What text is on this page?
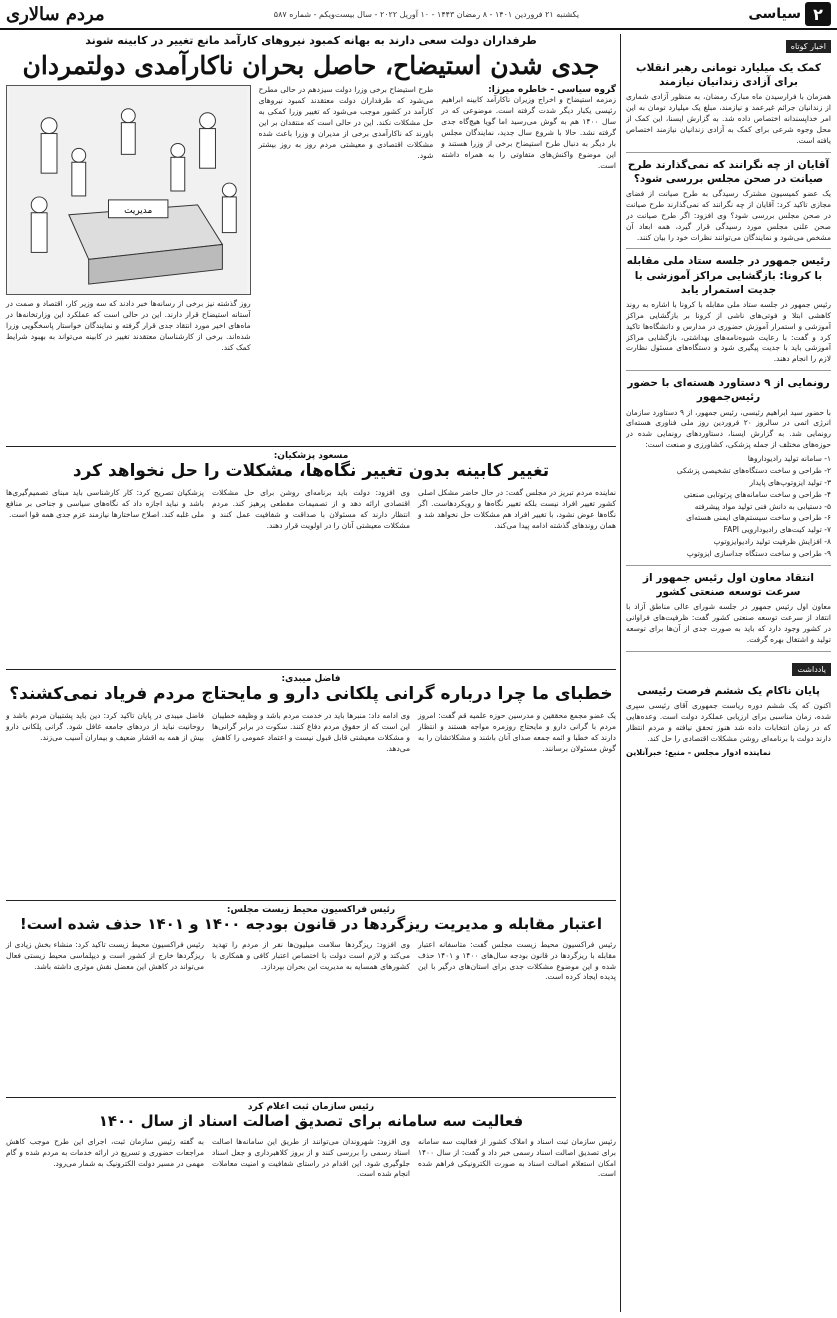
۲
سیاسی
یکشنبه ۲۱ فروردین ۱۴۰۱ - ۸ رمضان ۱۴۴۳ - ۱۰ آوریل ۲۰۲۲ - سال بیست‌ویکم - شماره ۵۸۷
مردم سالاری
اخبار کوتاه
کمک یک میلیارد تومانی رهبر انقلاب برای آزادی زندانیان نیازمند
همزمان با فرارسیدن ماه مبارک رمضان، به منظور آزادی شماری از زندانیان جرائم غیرعمد و نیازمند، مبلغ یک میلیارد تومان به این امر خداپسندانه اختصاص داده شد. به گزارش ایسنا، این کمک از محل وجوه شرعی برای کمک به آزادی زندانیان نیازمند اختصاص یافته است.
آقایان از چه نگرانند که نمی‌گذارند طرح صیانت در صحن مجلس بررسی شود؟
یک عضو کمیسیون مشترک رسیدگی به طرح صیانت از فضای مجازی تاکید کرد: آقایان از چه نگرانند که نمی‌گذارند طرح صیانت در صحن مجلس بررسی شود؟ وی افزود: اگر طرح صیانت در صحن علنی مجلس مورد رسیدگی قرار گیرد، همه ابعاد آن مشخص می‌شود و نمایندگان می‌توانند نظرات خود را بیان کنند.
رئیس جمهور در جلسه ستاد ملی مقابله با کرونا: بازگشایی مراکز آموزشی با جدیت استمرار یابد
رئیس جمهور در جلسه ستاد ملی مقابله با کرونا با اشاره به روند کاهشی ابتلا و فوتی‌های ناشی از کرونا بر بازگشایی مراکز آموزشی و استمرار آموزش حضوری در مدارس و دانشگاه‌ها تاکید کرد و گفت: با رعایت شیوه‌نامه‌های بهداشتی، بازگشایی مراکز آموزشی باید با جدیت پیگیری شود و دستگاه‌های مسئول نظارت لازم را انجام دهند.
رونمایی از ۹ دستاورد هسته‌ای با حضور رئیس‌جمهور

با حضور سید ابراهیم رئیسی، رئیس جمهور، از ۹ دستاورد سازمان انرژی اتمی در سالروز ۲۰ فروردین روز ملی فناوری هسته‌ای رونمایی شد. به گزارش ایسنا، دستاوردهای رونمایی شده در حوزه‌های مختلف از جمله پزشکی، کشاورزی و صنعت است:

۱- سامانه تولید رادیوداروها

۲- طراحی و ساخت دستگاه‌های تشخیصی پزشکی

۳- تولید ایزوتوپ‌های پایدار

۴- طراحی و ساخت سامانه‌های پرتوتابی صنعتی

۵- دستیابی به دانش فنی تولید مواد پیشرفته

۶- طراحی و ساخت سیستم‌های ایمنی هسته‌ای

۷- تولید کیت‌های رادیودارویی FAPI

۸- افزایش ظرفیت تولید رادیوایزوتوپ

۹- طراحی و ساخت دستگاه جداسازی ایزوتوپ

انتقاد معاون اول رئیس جمهور از سرعت توسعه صنعتی کشور
معاون اول رئیس جمهور در جلسه شورای عالی مناطق آزاد با انتقاد از سرعت توسعه صنعتی کشور گفت: ظرفیت‌های فراوانی در کشور وجود دارد که باید به صورت جدی از آن‌ها برای توسعه تولید و اشتغال بهره گرفت.
یادداشت
پایان ناکام یک ششم فرصت رئیسی
اکنون که یک ششم دوره ریاست جمهوری آقای رئیسی سپری شده، زمان مناسبی برای ارزیابی عملکرد دولت است. وعده‌هایی که در زمان انتخابات داده شد هنوز تحقق نیافته و مردم انتظار دارند دولت با برنامه‌ای روشن مشکلات اقتصادی را حل کند.
نماینده ادوار مجلس - منبع: خبرآنلاین
طرفداران دولت سعی دارند به بهانه کمبود نیروهای کارآمد مانع تغییر در کابینه شوند
جدی شدن استیضاح، حاصل بحران ناکارآمدی دولتمردان
گروه سیاسی - خاطره میرزا:
زمزمه استیضاح و اخراج وزیران ناکارآمد کابینه ابراهیم رئیسی یکبار دیگر شدت گرفته است. موضوعی که در سال ۱۴۰۰ هم به گوش می‌رسید اما گویا هیچ‌گاه جدی گرفته نشد. حالا با شروع سال جدید، نمایندگان مجلس بار دیگر به دنبال طرح استیضاح برخی از وزرا هستند و این موضوع واکنش‌های متفاوتی را به همراه داشته است.
طرح استیضاح برخی وزرا دولت سیزدهم در حالی مطرح می‌شود که طرفداران دولت معتقدند کمبود نیروهای کارآمد در کشور موجب می‌شود که تغییر وزرا کمکی به حل مشکلات نکند. این در حالی است که منتقدان بر این باورند که ناکارآمدی برخی از مدیران و وزرا باعث شده مشکلات اقتصادی و معیشتی مردم روز به روز بیشتر شود.
مدیریت
روز گذشته نیز برخی از رسانه‌ها خبر دادند که سه وزیر کار، اقتصاد و صمت در آستانه استیضاح قرار دارند. این در حالی است که عملکرد این وزارتخانه‌ها در ماه‌های اخیر مورد انتقاد جدی قرار گرفته و نمایندگان خواستار پاسخگویی وزرا شده‌اند. برخی از کارشناسان معتقدند تغییر در کابینه می‌تواند به بهبود شرایط کمک کند.
مسعود پزشکیان:
تغییر کابینه بدون تغییر نگاه‌ها، مشکلات را حل نخواهد کرد
نماینده مردم تبریز در مجلس گفت: در حال حاضر مشکل اصلی کشور تغییر افراد نیست بلکه تغییر نگاه‌ها و رویکردهاست. اگر نگاه‌ها عوض نشود، با تغییر افراد هم مشکلات حل نخواهد شد و همان روندهای گذشته ادامه پیدا می‌کند.
وی افزود: دولت باید برنامه‌ای روشن برای حل مشکلات اقتصادی ارائه دهد و از تصمیمات مقطعی پرهیز کند. مردم انتظار دارند که مسئولان با صداقت و شفافیت عمل کنند و مشکلات معیشتی آنان را در اولویت قرار دهند.
پزشکیان تصریح کرد: کار کارشناسی باید مبنای تصمیم‌گیری‌ها باشد و نباید اجازه داد که نگاه‌های سیاسی و جناحی بر منافع ملی غلبه کند. اصلاح ساختارها نیازمند عزم جدی همه قوا است.
فاضل میبدی:
خطبای ما چرا درباره گرانی پلکانی دارو و مایحتاج مردم فریاد نمی‌کشند؟
یک عضو مجمع محققین و مدرسین حوزه علمیه قم گفت: امروز مردم با گرانی دارو و مایحتاج روزمره مواجه هستند و انتظار دارند که خطبا و ائمه جمعه صدای آنان باشند و مشکلاتشان را به گوش مسئولان برسانند.
وی ادامه داد: منبرها باید در خدمت مردم باشد و وظیفه خطیبان این است که از حقوق مردم دفاع کنند. سکوت در برابر گرانی‌ها و مشکلات معیشتی قابل قبول نیست و اعتماد عمومی را کاهش می‌دهد.
فاضل میبدی در پایان تاکید کرد: دین باید پشتیبان مردم باشد و روحانیت نباید از دردهای جامعه غافل شود. گرانی پلکانی دارو بیش از همه به اقشار ضعیف و بیماران آسیب می‌زند.
رئیس فراکسیون محیط زیست مجلس:
اعتبار مقابله و مدیریت ریزگردها در قانون بودجه ۱۴۰۰ و ۱۴۰۱ حذف شده است!
رئیس فراکسیون محیط زیست مجلس گفت: متاسفانه اعتبار مقابله با ریزگردها در قانون بودجه سال‌های ۱۴۰۰ و ۱۴۰۱ حذف شده و این موضوع مشکلات جدی برای استان‌های درگیر با این پدیده ایجاد کرده است.
وی افزود: ریزگردها سلامت میلیون‌ها نفر از مردم را تهدید می‌کند و لازم است دولت با اختصاص اعتبار کافی و همکاری با کشورهای همسایه به مدیریت این بحران بپردازد.
رئیس فراکسیون محیط زیست تاکید کرد: منشاء بخش زیادی از ریزگردها خارج از کشور است و دیپلماسی محیط زیستی فعال می‌تواند در کاهش این معضل نقش موثری داشته باشد.
رئیس سازمان ثبت اعلام کرد
فعالیت سه سامانه برای تصدیق اصالت اسناد از سال ۱۴۰۰
رئیس سازمان ثبت اسناد و املاک کشور از فعالیت سه سامانه برای تصدیق اصالت اسناد رسمی خبر داد و گفت: از سال ۱۴۰۰ امکان استعلام اصالت اسناد به صورت الکترونیکی فراهم شده است.
وی افزود: شهروندان می‌توانند از طریق این سامانه‌ها اصالت اسناد رسمی را بررسی کنند و از بروز کلاهبرداری و جعل اسناد جلوگیری شود. این اقدام در راستای شفافیت و امنیت معاملات انجام شده است.
به گفته رئیس سازمان ثبت، اجرای این طرح موجب کاهش مراجعات حضوری و تسریع در ارائه خدمات به مردم شده و گام مهمی در مسیر دولت الکترونیک به شمار می‌رود.
